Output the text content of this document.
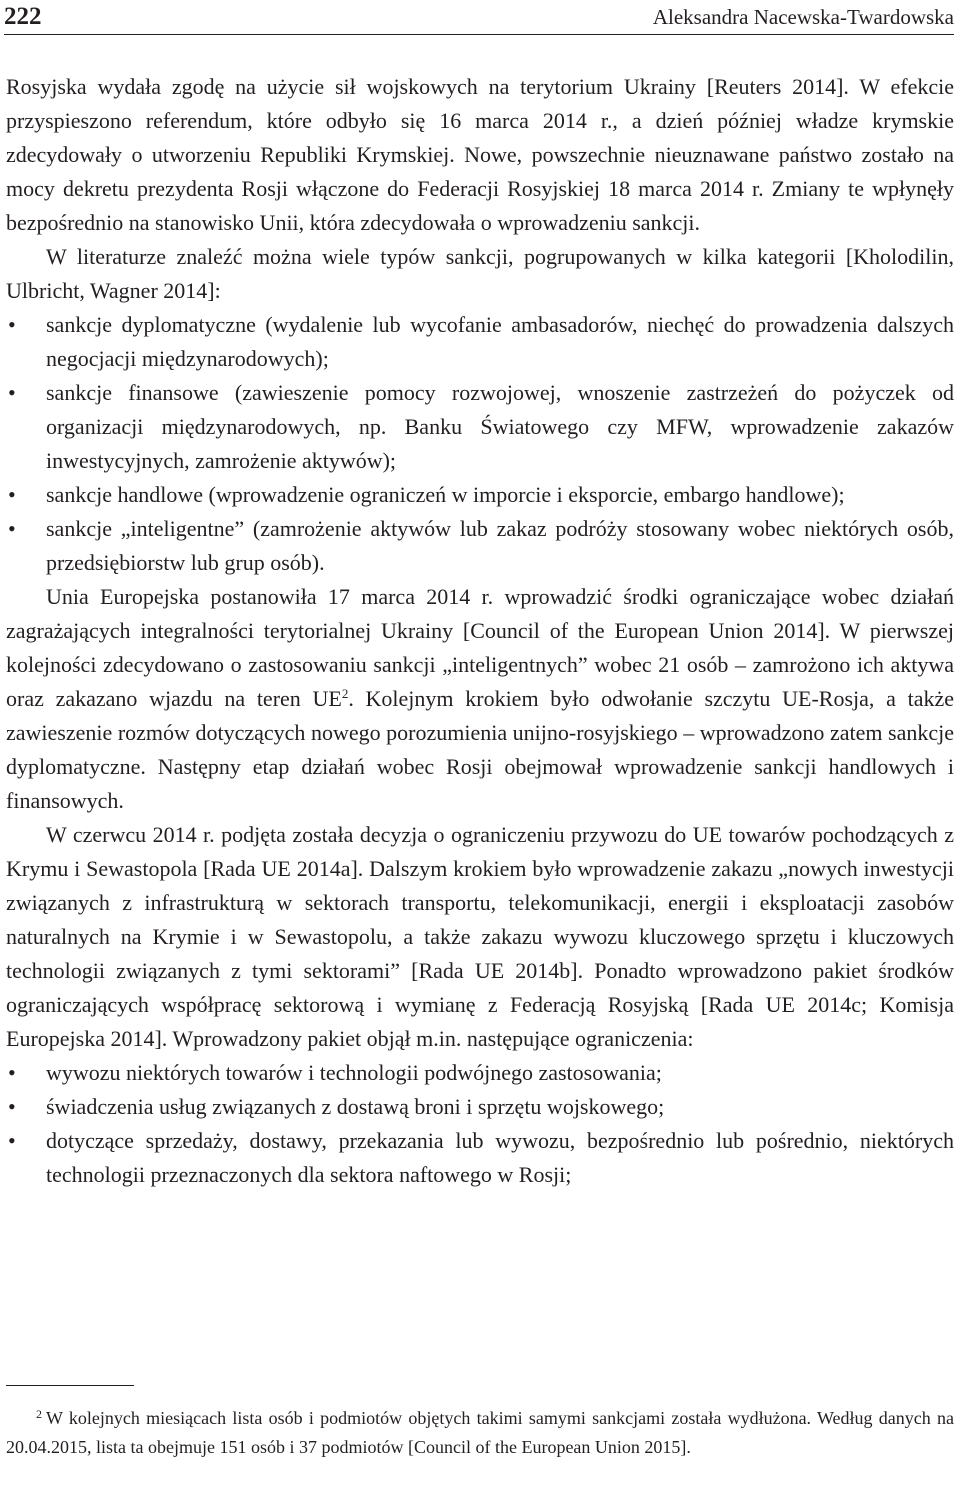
222	Aleksandra Nacewska-Twardowska

Rosyjska wydała zgodę na użycie sił wojskowych na terytorium Ukrainy [Reuters 2014]. W efekcie przyspieszono referendum, które odbyło się 16 marca 2014 r., a dzień później władze krymskie zdecydowały o utworzeniu Republiki Krymskiej. Nowe, powszechnie nieuznawane państwo zostało na mocy dekretu prezydenta Rosji włączone do Federacji Rosyjskiej 18 marca 2014 r. Zmiany te wpłynęły bezpośrednio na stanowisko Unii, która zdecydowała o wprowadzeniu sankcji.

W literaturze znaleźć można wiele typów sankcji, pogrupowanych w kilka kategorii [Kholodilin, Ulbricht, Wagner 2014]:

• sankcje dyplomatyczne (wydalenie lub wycofanie ambasadorów, niechęć do prowadzenia dalszych negocjacji międzynarodowych);
• sankcje finansowe (zawieszenie pomocy rozwojowej, wnoszenie zastrzeżeń do pożyczek od organizacji międzynarodowych, np. Banku Światowego czy MFW, wprowadzenie zakazów inwestycyjnych, zamrożenie aktywów);
• sankcje handlowe (wprowadzenie ograniczeń w imporcie i eksporcie, embargo handlowe);
• sankcje „inteligentne” (zamrożenie aktywów lub zakaz podróży stosowany wobec niektórych osób, przedsiębiorstw lub grup osób).

Unia Europejska postanowiła 17 marca 2014 r. wprowadzić środki ograniczające wobec działań zagrażających integralności terytorialnej Ukrainy [Council of the European Union 2014]. W pierwszej kolejności zdecydowano o zastosowaniu sankcji „inteligentnych” wobec 21 osób – zamrożono ich aktywa oraz zakazano wjazdu na teren UE$^2$. Kolejnym krokiem było odwołanie szczytu UE-Rosja, a także zawieszenie rozmów dotyczących nowego porozumienia unijno-rosyjskiego – wprowadzono zatem sankcje dyplomatyczne. Następny etap działań wobec Rosji obejmował wprowadzenie sankcji handlowych i finansowych.

W czerwcu 2014 r. podjęta została decyzja o ograniczeniu przywozu do UE towarów pochodzących z Krymu i Sewastopola [Rada UE 2014a]. Dalszym krokiem było wprowadzenie zakazu „nowych inwestycji związanych z infrastrukturą w sektorach transportu, telekomunikacji, energii i eksploatacji zasobów naturalnych na Krymie i w Sewastopolu, a także zakazu wywozu kluczowego sprzętu i kluczowych technologii związanych z tymi sektorami” [Rada UE 2014b]. Ponadto wprowadzono pakiet środków ograniczających współpracę sektorową i wymianę z Federacją Rosyjską [Rada UE 2014c; Komisja Europejska 2014]. Wprowadzony pakiet objął m.in. następujące ograniczenia:

• wywozu niektórych towarów i technologii podwójnego zastosowania;
• świadczenia usług związanych z dostawą broni i sprzętu wojskowego;
• dotyczące sprzedaży, dostawy, przekazania lub wywozu, bezpośrednio lub pośrednio, niektórych technologii przeznaczonych dla sektora naftowego w Rosji;
$^2$ W kolejnych miesiącach lista osób i podmiotów objętych takimi samymi sankcjami została wydłużona. Według danych na 20.04.2015, lista ta obejmuje 151 osób i 37 podmiotów [Council of the European Union 2015].
